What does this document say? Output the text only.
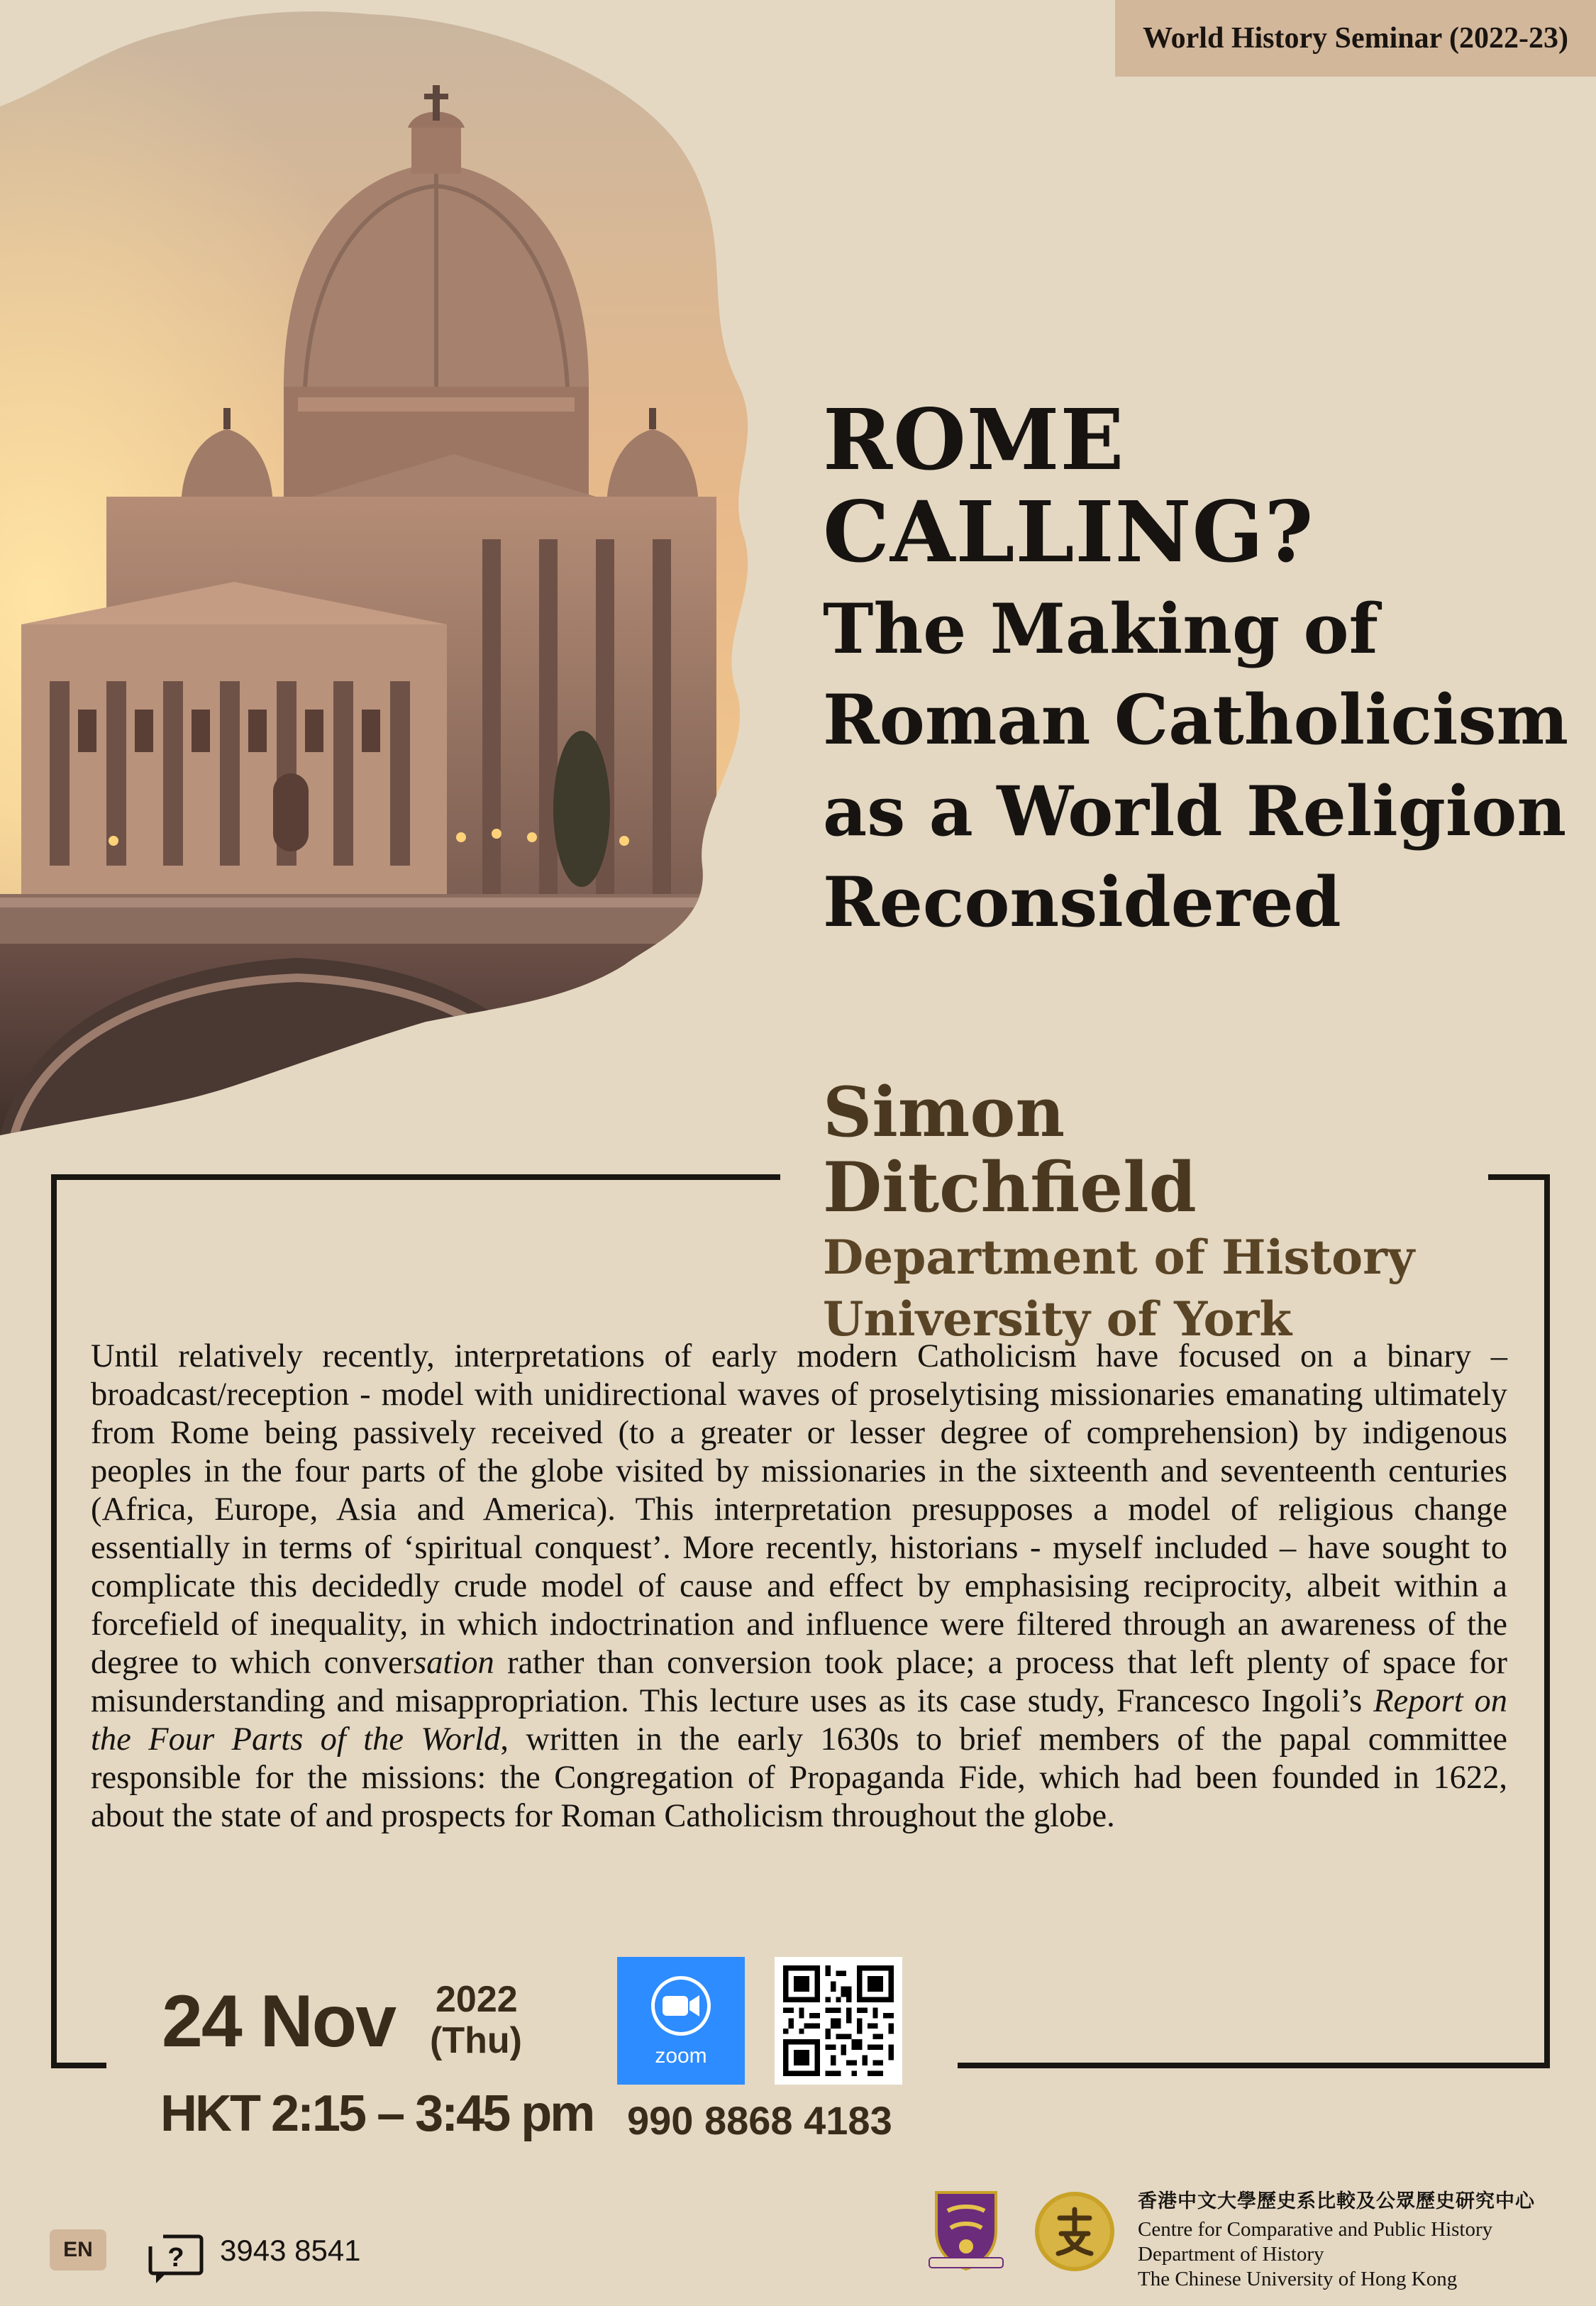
World History Seminar (2022-23)
ROME CALLING?
The Making of
Roman Catholicism
as a World Religion
Reconsidered
Simon Ditchfield
Department of History
University of York
Until relatively recently, interpretations of early modern Catholicism have focused on a binary – broadcast/reception - model with unidirectional waves of proselytising missionaries emanating ultimately from Rome being passively received (to a greater or lesser degree of comprehension) by indigenous peoples in the four parts of the globe visited by missionaries in the sixteenth and seventeenth centuries (Africa, Europe, Asia and America). This interpretation presupposes a model of religious change essentially in terms of ‘spiritual conquest’. More recently, historians - myself included – have sought to complicate this decidedly crude model of cause and effect by emphasising reciprocity, albeit within a forcefield of inequality, in which indoctrination and influence were filtered through an awareness of the degree to which conversation rather than conversion took place; a process that left plenty of space for misunderstanding and misappropriation. This lecture uses as its case study, Francesco Ingoli’s Report on the Four Parts of the World, written in the early 1630s to brief members of the papal committee responsible for the missions: the Congregation of Propaganda Fide, which had been founded in 1622, about the state of and prospects for Roman Catholicism throughout the globe.
24 Nov 2022
(Thu)
HKT 2:15 – 3:45 pm
zoom
990 8868 4183
EN	? 3943 8541
香港中文大學歷史系比較及公眾歷史研究中心
Centre for Comparative and Public History
Department of History
The Chinese University of Hong Kong
